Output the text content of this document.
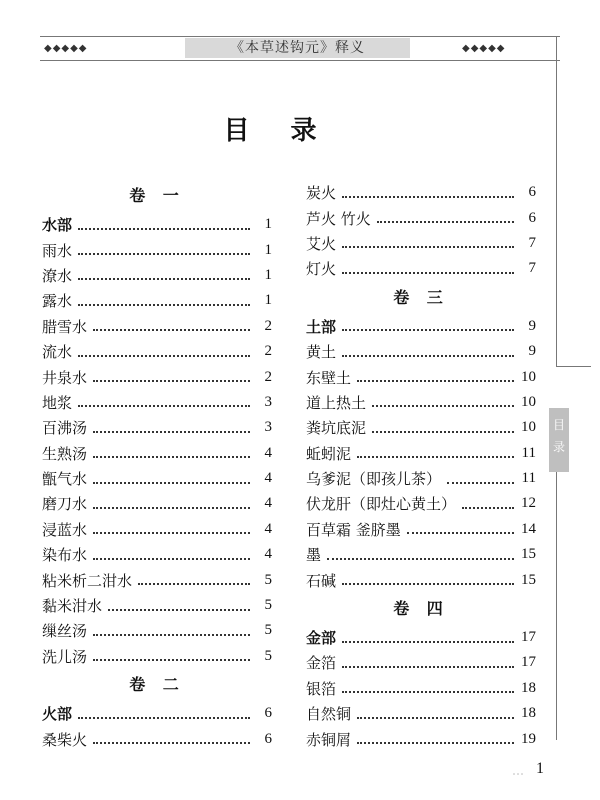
◆◆◆◆◆	《本草述钩元》释义	◆◆◆◆◆
目
录
目 录
卷 一
水部	1
雨水	1
潦水	1
露水	1
腊雪水	2
流水	2
井泉水	2
地浆	3
百沸汤	3
生熟汤	4
甑气水	4
磨刀水	4
浸蓝水	4
染布水	4
粘米析二泔水	5
黏米泔水	5
缫丝汤	5
洗儿汤	5
卷 二
火部	6
桑柴火	6
炭火	6
芦火 竹火	6
艾火	7
灯火	7
卷 三
土部	9
黄土	9
东壁土	10
道上热土	10
粪坑底泥	10
蚯蚓泥	11
乌爹泥（即孩儿茶）	11
伏龙肝（即灶心黄土）	12
百草霜 釜脐墨	14
墨	15
石碱	15
卷 四
金部	17
金箔	17
银箔	18
自然铜	18
赤铜屑	19
˙˙˙
1
